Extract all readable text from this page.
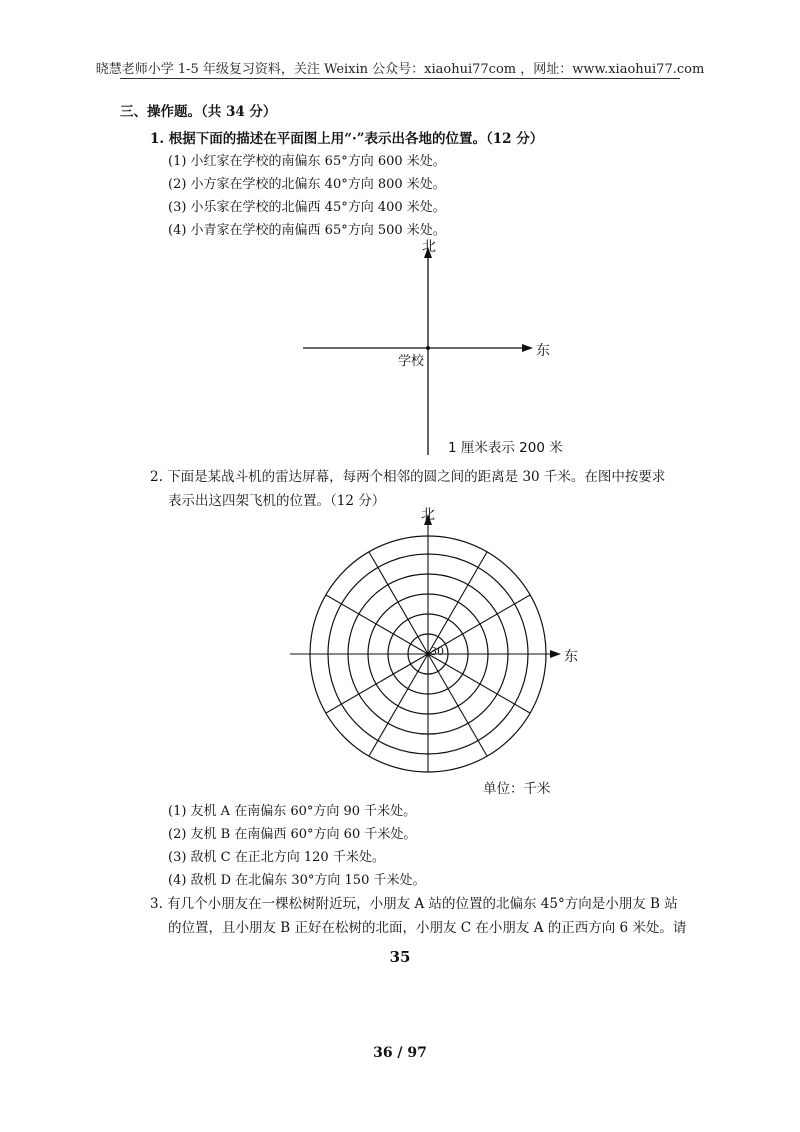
晓慧老师小学 1-5 年级复习资料，关注 Weixin 公众号：xiaohui77com ，网址：www.xiaohui77.com
三、操作题。（共 34 分）
1. 根据下面的描述在平面图上用“·”表示出各地的位置。（12 分）
(1) 小红家在学校的南偏东 65°方向 600 米处。
(2) 小方家在学校的北偏东 40°方向 800 米处。
(3) 小乐家在学校的北偏西 45°方向 400 米处。
(4) 小青家在学校的南偏西 65°方向 500 米处。
北
东
学校
1 厘米表示 200 米
2. 下面是某战斗机的雷达屏幕，每两个相邻的圆之间的距离是 30 千米。在图中按要求
表示出这四架飞机的位置。（12 分）
北
东
30
单位：千米
(1) 友机 A 在南偏东 60°方向 90 千米处。
(2) 友机 B 在南偏西 60°方向 60 千米处。
(3) 敌机 C 在正北方向 120 千米处。
(4) 敌机 D 在北偏东 30°方向 150 千米处。
3. 有几个小朋友在一棵松树附近玩，小朋友 A 站的位置的北偏东 45°方向是小朋友 B 站
的位置，且小朋友 B 正好在松树的北面，小朋友 C 在小朋友 A 的正西方向 6 米处。请
35
36 / 97
